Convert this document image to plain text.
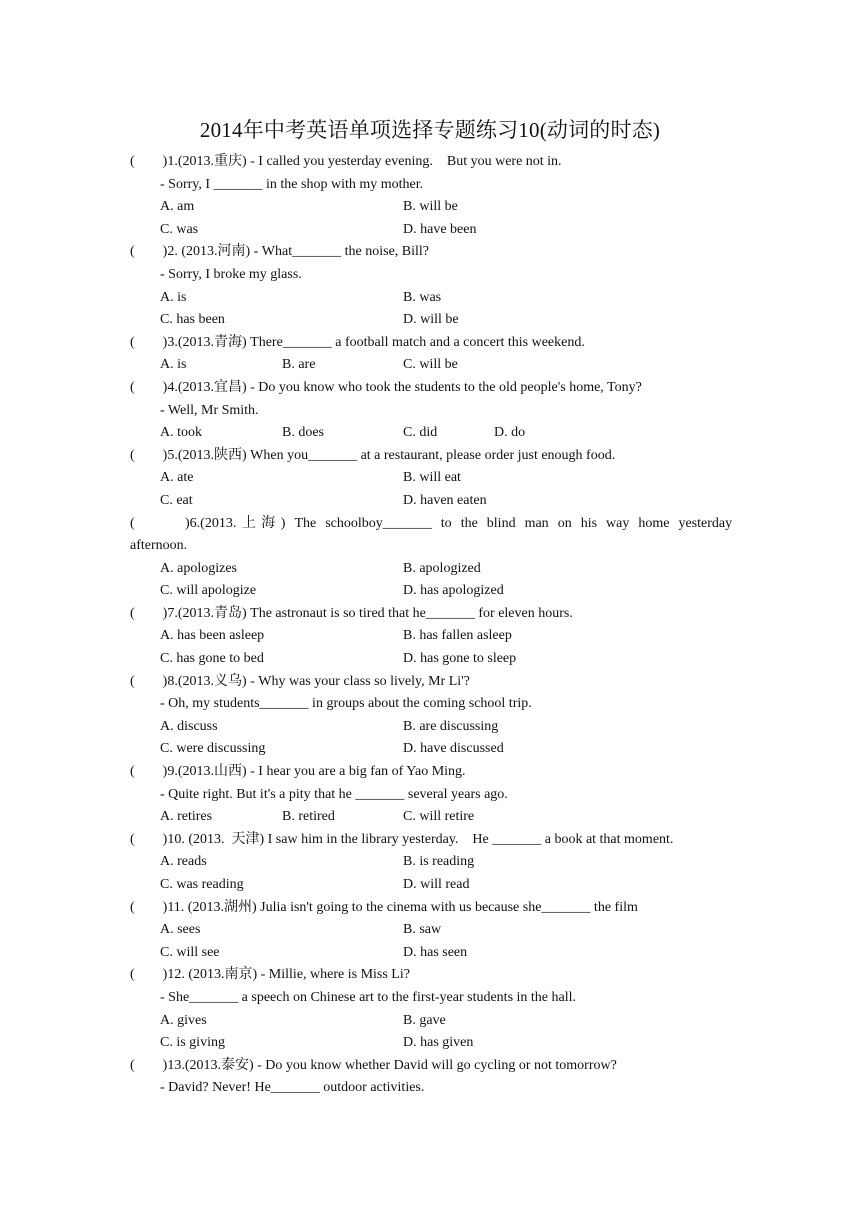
2014年中考英语单项选择专题练习10(动词的时态)
(        )1.(2013.重庆) - I called you yesterday evening.    But you were not in.
- Sorry, I _______ in the shop with my mother.
A. am	B. will be
C. was	D. have been
(        )2. (2013.河南) - What_______ the noise, Bill?
- Sorry, I broke my glass.
A. is	B. was
C. has been	D. will be
(        )3.(2013.青海) There_______ a football match and a concert this weekend.
A. is	B. are	C. will be
(        )4.(2013.宜昌) - Do you know who took the students to the old people's home, Tony?
- Well, Mr Smith.
A. took	B. does	C. did	D. do
(        )5.(2013.陕西) When you_______ at a restaurant, please order just enough food.
A. ate	B. will eat
C. eat	D. haven eaten
(	)6.(2013.上海) The schoolboy_______ to the blind man on his way home yesterday
afternoon.
A. apologizes	B. apologized
C. will apologize	D. has apologized
(        )7.(2013.青岛) The astronaut is so tired that he_______ for eleven hours.
A. has been asleep	B. has fallen asleep
C. has gone to bed	D. has gone to sleep
(        )8.(2013.义乌) - Why was your class so lively, Mr Li'?
- Oh, my students_______ in groups about the coming school trip.
A. discuss	B. are discussing
C. were discussing	D. have discussed
(        )9.(2013.山西) - I hear you are a big fan of Yao Ming.
- Quite right. But it's a pity that he _______ several years ago.
A. retires	B. retired	C. will retire
(        )10. (2013.  天津) I saw him in the library yesterday.    He _______ a book at that moment.
A. reads	B. is reading
C. was reading	D. will read
(        )11. (2013.湖州) Julia isn't going to the cinema with us because she_______ the film
A. sees	B. saw
C. will see	D. has seen
(        )12. (2013.南京) - Millie, where is Miss Li?
- She_______ a speech on Chinese art to the first-year students in the hall.
A. gives	B. gave
C. is giving	D. has given
(        )13.(2013.泰安) - Do you know whether David will go cycling or not tomorrow?
- David? Never! He_______ outdoor activities.
